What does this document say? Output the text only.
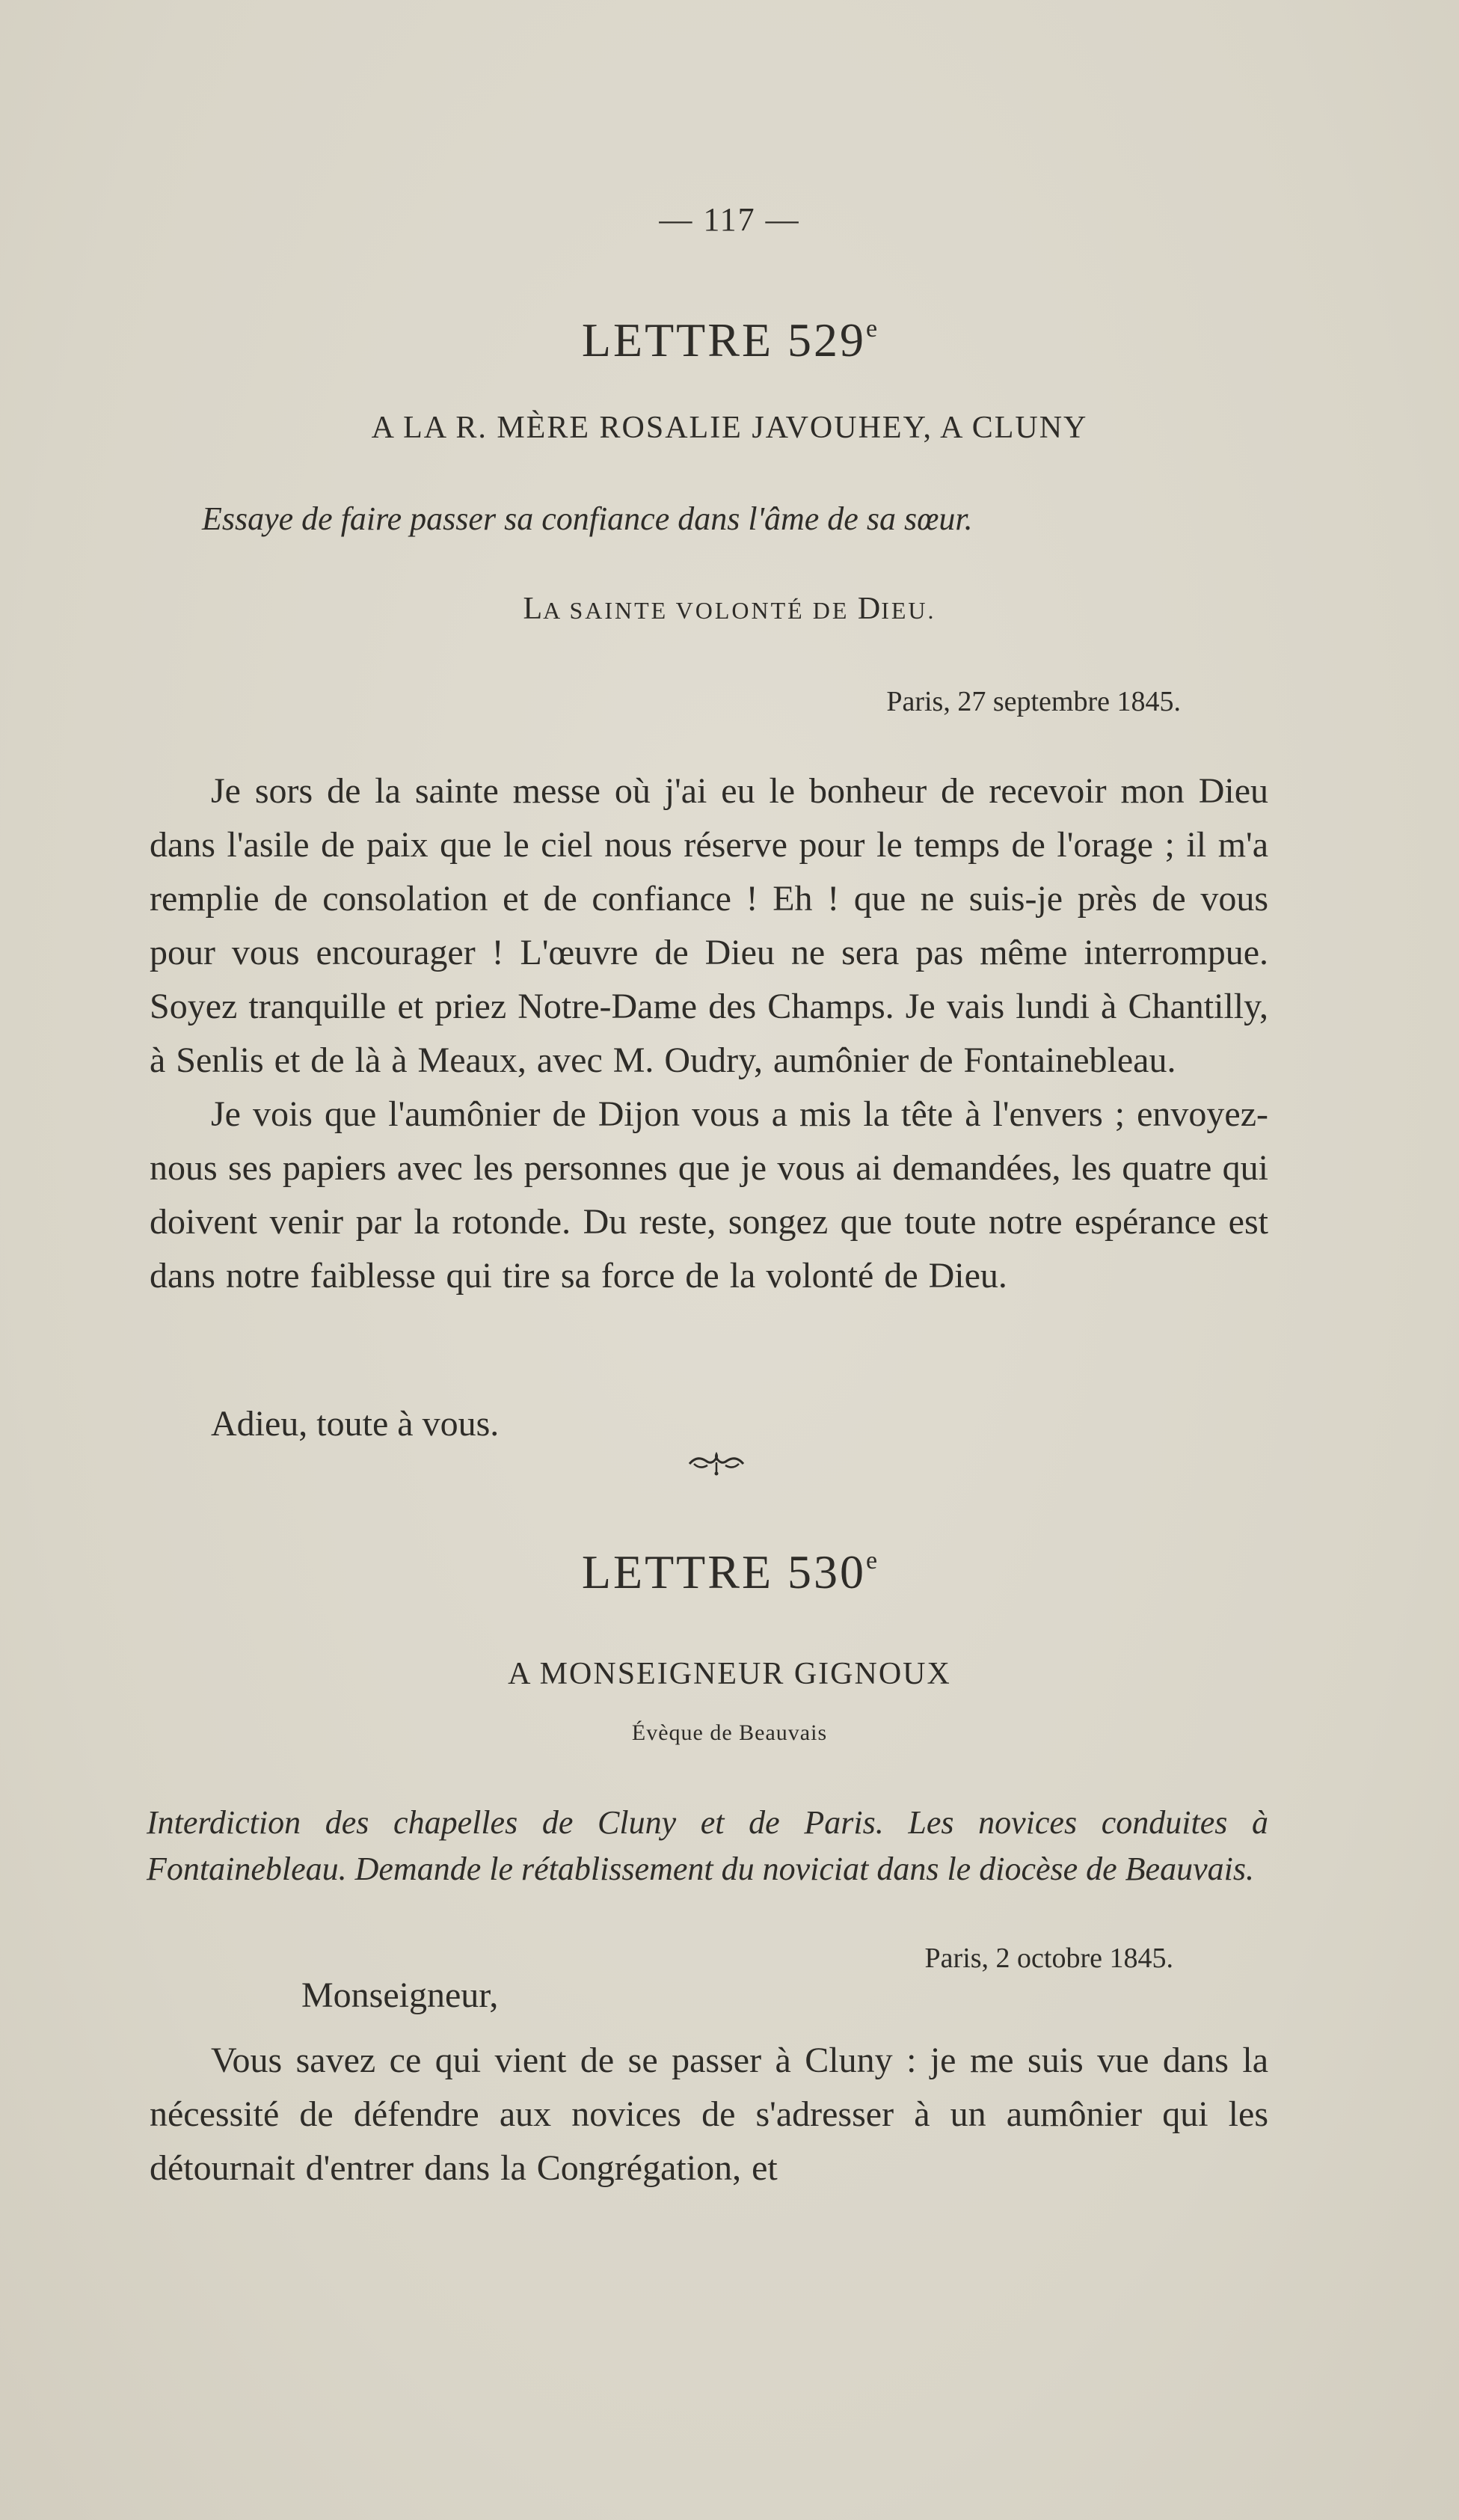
— 117 —
LETTRE 529e
A LA R. MÈRE ROSALIE JAVOUHEY, A CLUNY
Essaye de faire passer sa confiance dans l'âme de sa sœur.
LA SAINTE VOLONTÉ DE DIEU.
Paris, 27 septembre 1845.

Je sors de la sainte messe où j'ai eu le bonheur de recevoir mon Dieu dans l'asile de paix que le ciel nous réserve pour le temps de l'orage ; il m'a remplie de consolation et de confiance ! Eh ! que ne suis-je près de vous pour vous encourager ! L'œuvre de Dieu ne sera pas même interrompue. Soyez tranquille et priez Notre-Dame des Champs. Je vais lundi à Chantilly, à Senlis et de là à Meaux, avec M. Oudry, aumônier de Fontainebleau.

Je vois que l'aumônier de Dijon vous a mis la tête à l'envers ; envoyez-nous ses papiers avec les personnes que je vous ai demandées, les quatre qui doivent venir par la rotonde. Du reste, songez que toute notre espérance est dans notre faiblesse qui tire sa force de la volonté de Dieu.

Adieu, toute à vous.
LETTRE 530e
A MONSEIGNEUR GIGNOUX
Évèque de Beauvais
Interdiction des chapelles de Cluny et de Paris. Les novices conduites à Fontainebleau. Demande le rétablissement du noviciat dans le diocèse de Beauvais.
Paris, 2 octobre 1845.
Monseigneur,

Vous savez ce qui vient de se passer à Cluny : je me suis vue dans la nécessité de défendre aux novices de s'adresser à un aumônier qui les détournait d'entrer dans la Congrégation, et
